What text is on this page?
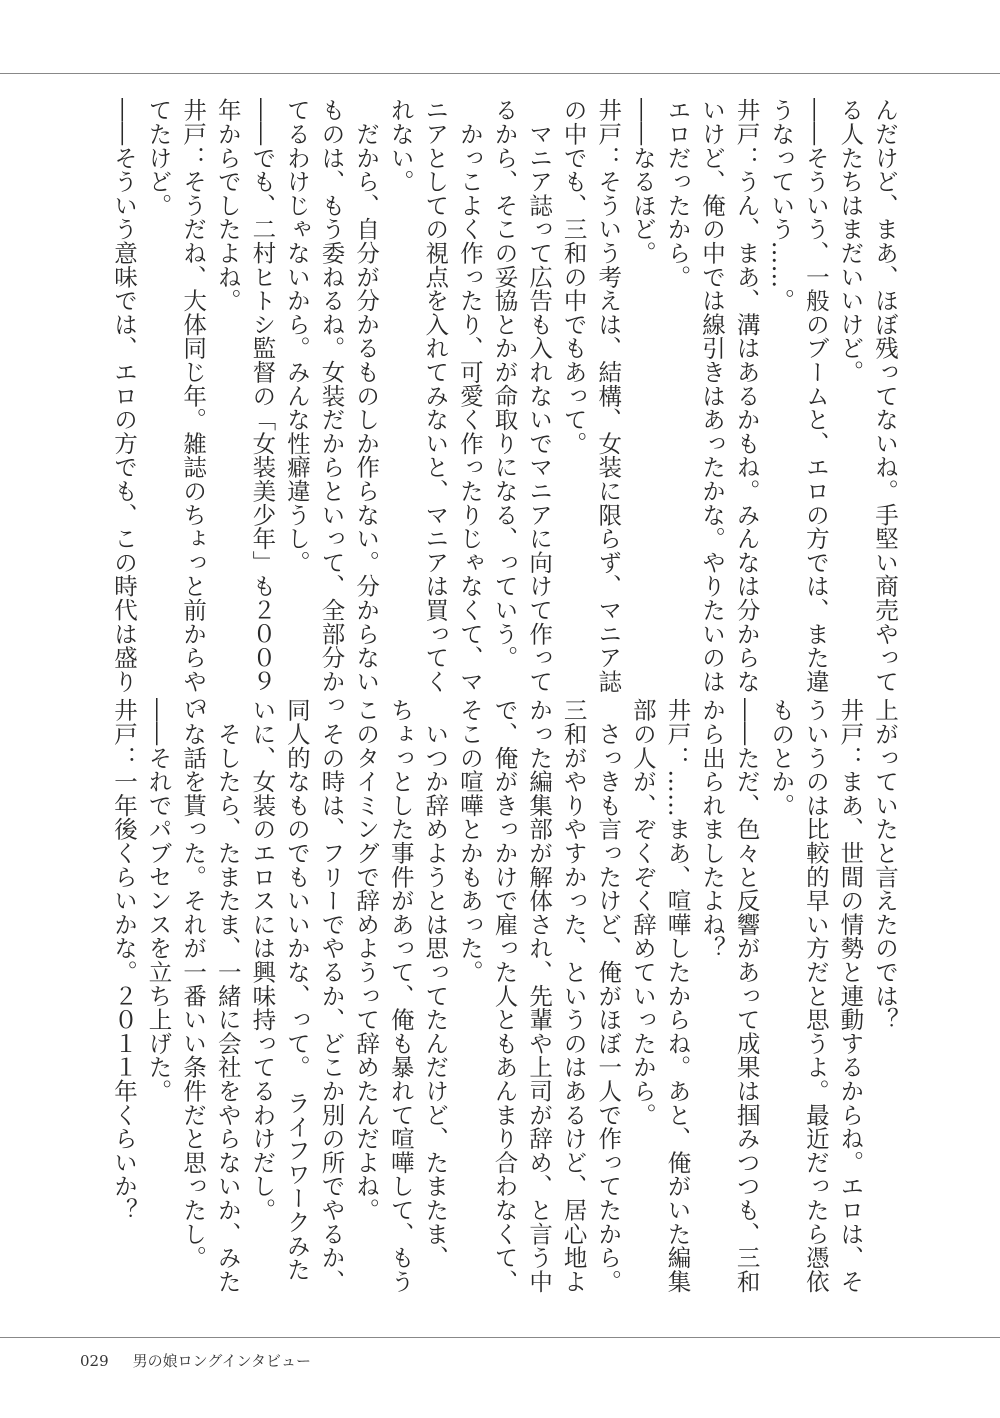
んだけど、まあ、ほぼ残ってないね。手堅い商売やって
る人たちはまだいいけど。
――そういう、一般のブームと、エロの方では、また違
うなっていう……。
井戸：うん、まあ、溝はあるかもね。みんなは分からな
いけど、俺の中では線引きはあったかな。やりたいのは
エロだったから。
――なるほど。
井戸：そういう考えは、結構、女装に限らず、マニア誌
の中でも、三和の中でもあって。
　マニア誌って広告も入れないでマニアに向けて作って
るから、そこの妥協とかが命取りになる、っていう。
　かっこよく作ったり、可愛く作ったりじゃなくて、マ
ニアとしての視点を入れてみないと、マニアは買ってく
れない。
　だから、自分が分かるものしか作らない。分からない
ものは、もう委ねるね。女装だからといって、全部分かっ
てるわけじゃないから。みんな性癖違うし。
――でも、二村ヒトシ監督の「女装美少年」も２００９
年からでしたよね。
井戸：そうだね、大体同じ年。雑誌のちょっと前からやっ
てたけど。
――そういう意味では、エロの方でも、この時代は盛り
上がっていたと言えたのでは？
井戸：まあ、世間の情勢と連動するからね。エロは、そ
ういうのは比較的早い方だと思うよ。最近だったら憑依
ものとか。
――ただ、色々と反響があって成果は掴みつつも、三和
から出られましたよね？
井戸：……まあ、喧嘩したからね。あと、俺がいた編集
部の人が、ぞくぞく辞めていったから。
　さっきも言ったけど、俺がほぼ一人で作ってたから。
三和がやりやすかった、というのはあるけど、居心地よ
かった編集部が解体され、先輩や上司が辞め、と言う中
で、俺がきっかけで雇った人ともあんまり合わなくて、
そこの喧嘩とかもあった。
　いつか辞めようとは思ってたんだけど、たまたま、
ちょっとした事件があって、俺も暴れて喧嘩して、もう
このタイミングで辞めようって辞めたんだよね。
　その時は、フリーでやるか、どこか別の所でやるか、
同人的なものでもいいかな、って。　ライフワークみた
いに、女装のエロスには興味持ってるわけだし。
　そしたら、たまたま、一緒に会社をやらないか、みた
いな話を貰った。それが一番いい条件だと思ったし。
――それでパブセンスを立ち上げた。
井戸：一年後くらいかな。２０１１年くらいか？
029 男の娘ロングインタビュー
